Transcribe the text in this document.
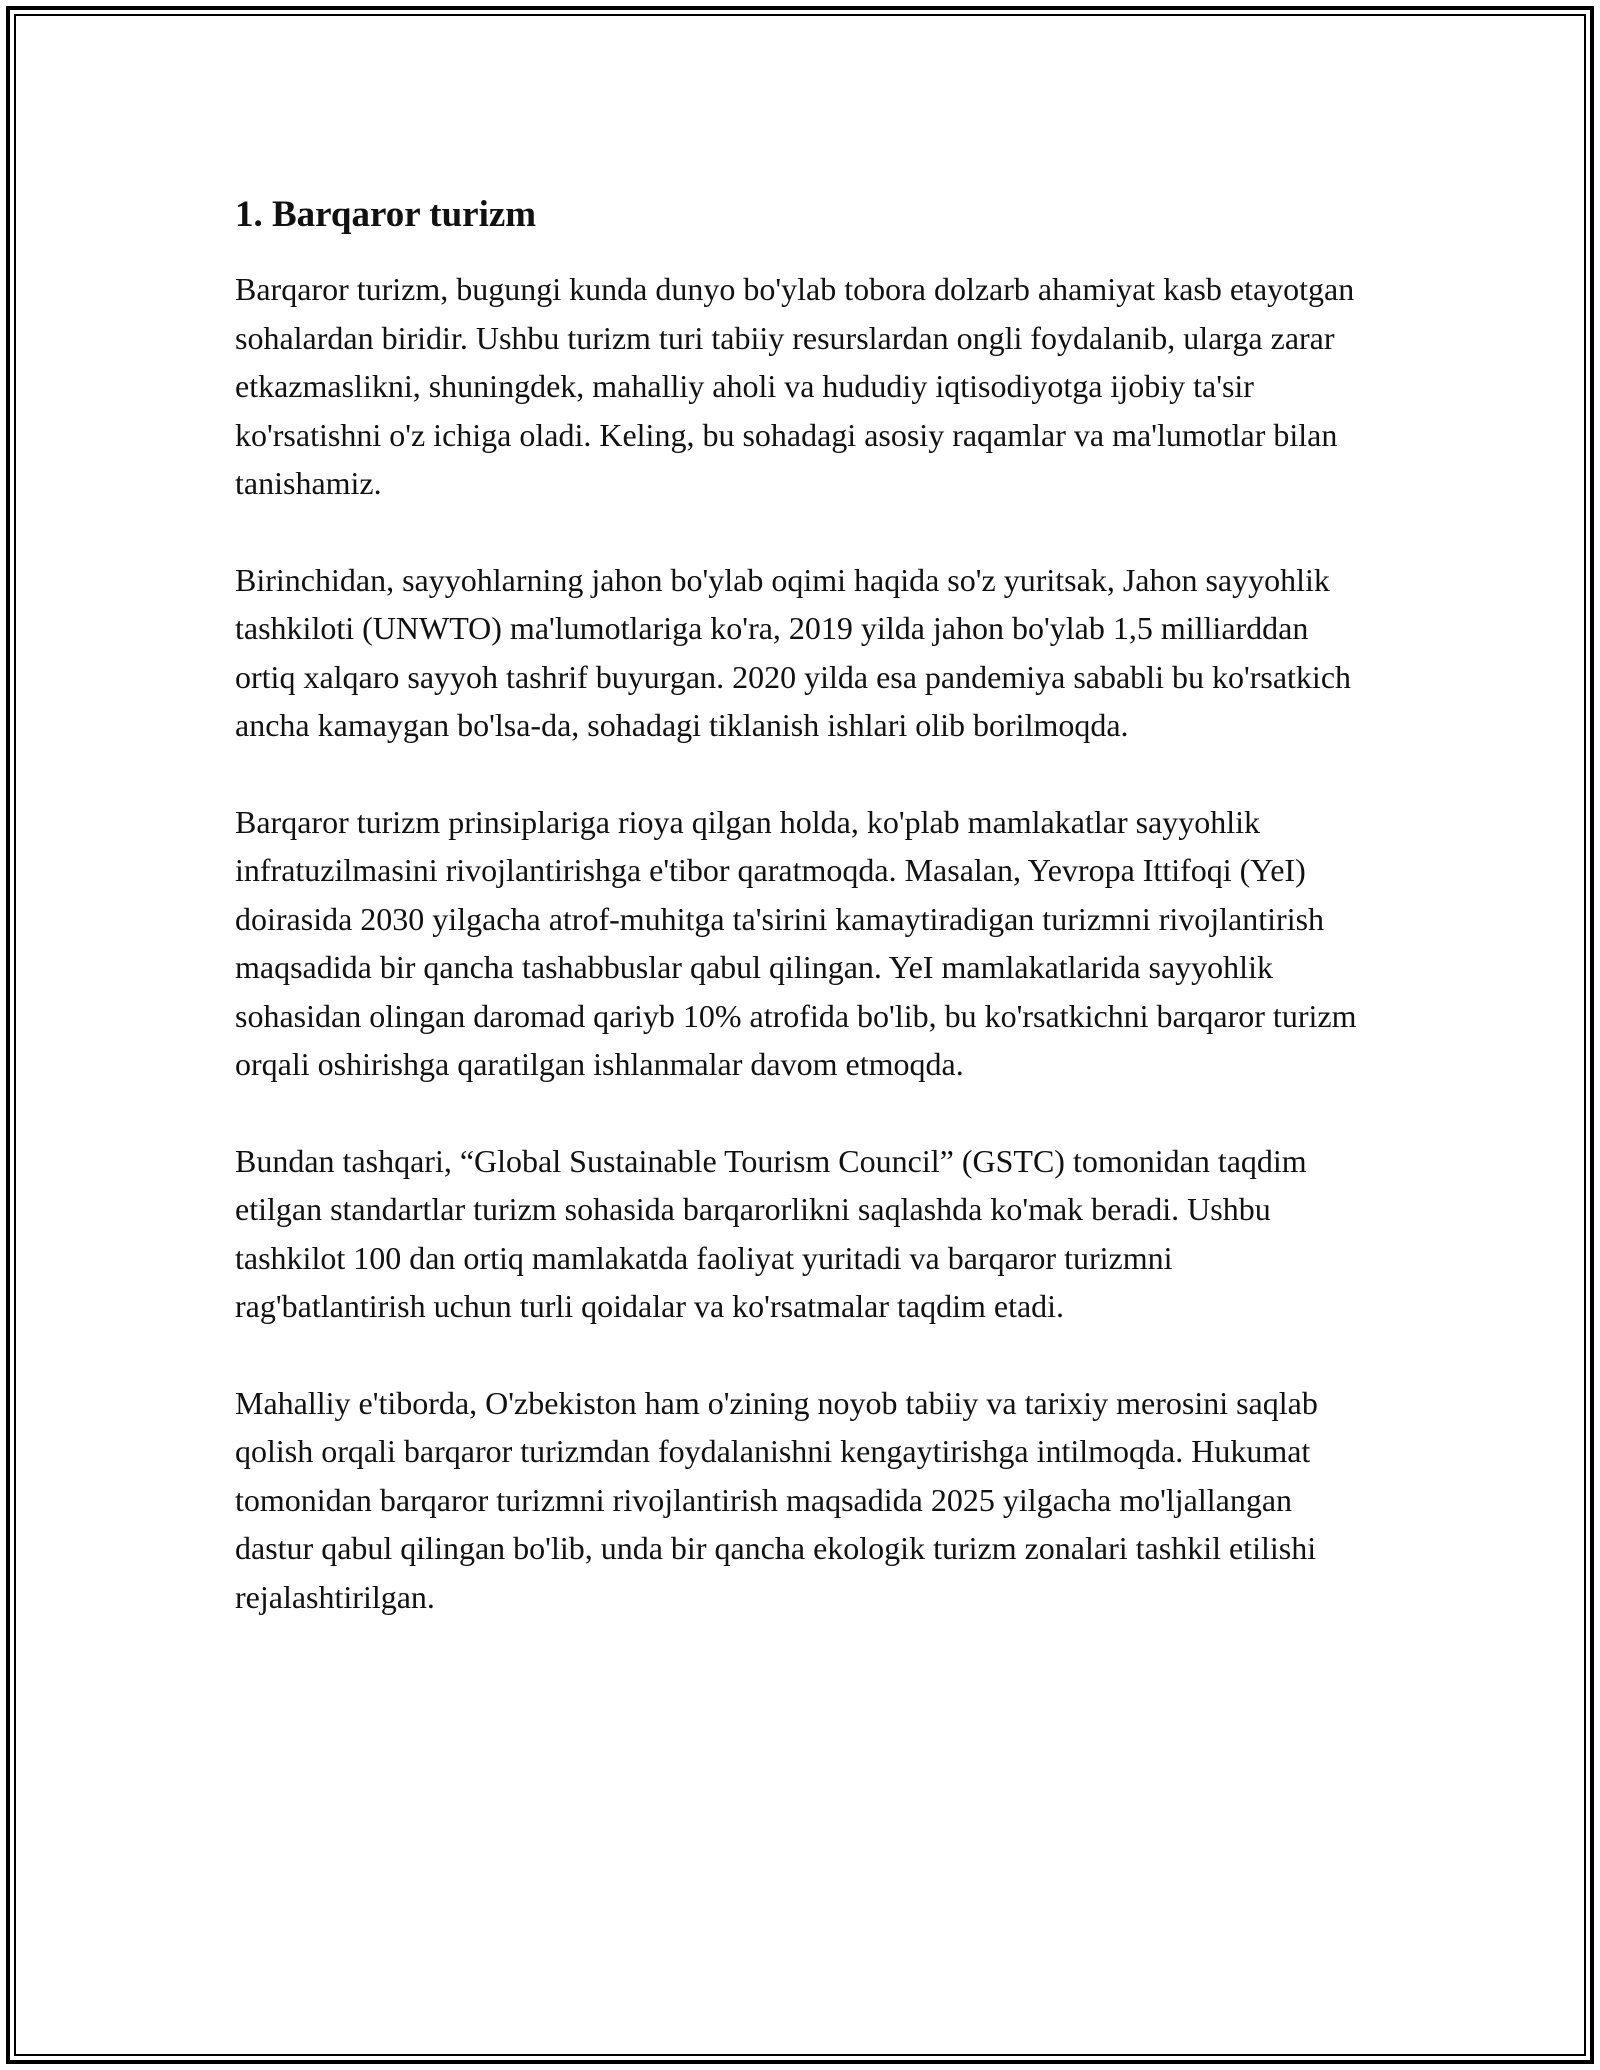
1. Barqaror turizm

Barqaror turizm, bugungi kunda dunyo bo'ylab tobora dolzarb ahamiyat kasb etayotgan sohalardan biridir. Ushbu turizm turi tabiiy resurslardan ongli foydalanib, ularga zarar etkazmaslikni, shuningdek, mahalliy aholi va hududiy iqtisodiyotga ijobiy ta'sir ko'rsatishni o'z ichiga oladi. Keling, bu sohadagi asosiy raqamlar va ma'lumotlar bilan tanishamiz.

Birinchidan, sayyohlarning jahon bo'ylab oqimi haqida so'z yuritsak, Jahon sayyohlik tashkiloti (UNWTO) ma'lumotlariga ko'ra, 2019 yilda jahon bo'ylab 1,5 milliarddan ortiq xalqaro sayyoh tashrif buyurgan. 2020 yilda esa pandemiya sababli bu ko'rsatkich ancha kamaygan bo'lsa-da, sohadagi tiklanish ishlari olib borilmoqda.

Barqaror turizm prinsiplariga rioya qilgan holda, ko'plab mamlakatlar sayyohlik infratuzilmasini rivojlantirishga e'tibor qaratmoqda. Masalan, Yevropa Ittifoqi (YeI) doirasida 2030 yilgacha atrof-muhitga ta'sirini kamaytiradigan turizmni rivojlantirish maqsadida bir qancha tashabbuslar qabul qilingan. YeI mamlakatlarida sayyohlik sohasidan olingan daromad qariyb 10% atrofida bo'lib, bu ko'rsatkichni barqaror turizm orqali oshirishga qaratilgan ishlanmalar davom etmoqda.

Bundan tashqari, “Global Sustainable Tourism Council” (GSTC) tomonidan taqdim etilgan standartlar turizm sohasida barqarorlikni saqlashda ko'mak beradi. Ushbu tashkilot 100 dan ortiq mamlakatda faoliyat yuritadi va barqaror turizmni rag'batlantirish uchun turli qoidalar va ko'rsatmalar taqdim etadi.

Mahalliy e'tiborda, O'zbekiston ham o'zining noyob tabiiy va tarixiy merosini saqlab qolish orqali barqaror turizmdan foydalanishni kengaytirishga intilmoqda. Hukumat tomonidan barqaror turizmni rivojlantirish maqsadida 2025 yilgacha mo'ljallangan dastur qabul qilingan bo'lib, unda bir qancha ekologik turizm zonalari tashkil etilishi rejalashtirilgan.
